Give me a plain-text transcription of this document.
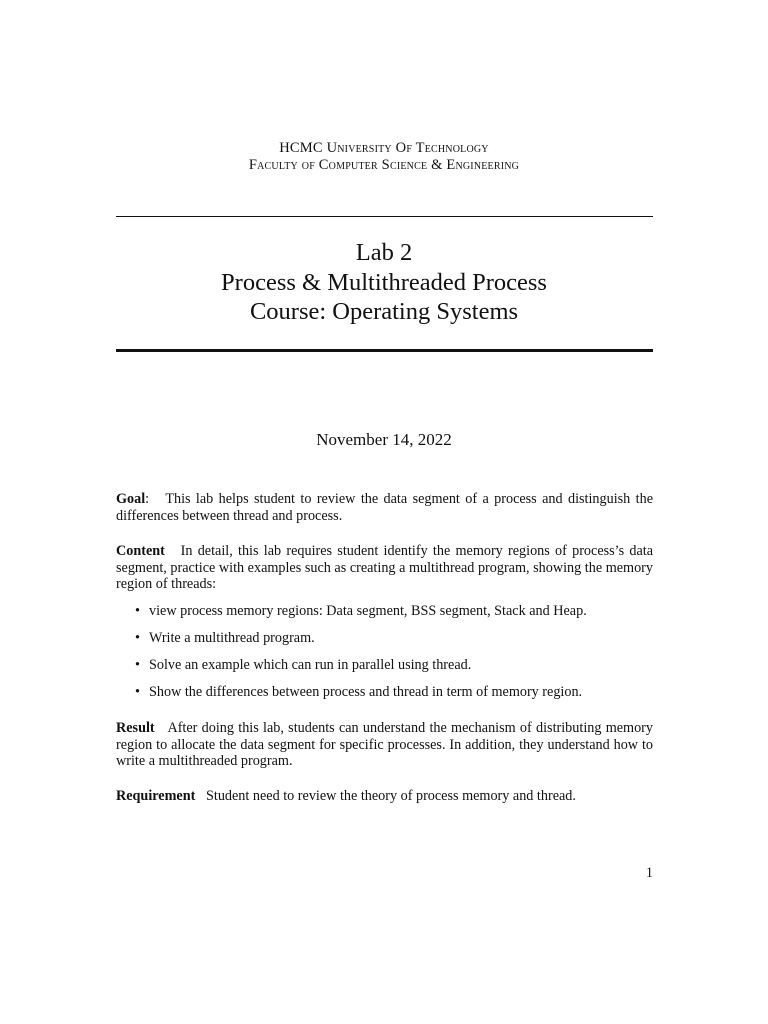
HCMC University Of Technology
Faculty of Computer Science & Engineering
Lab 2
Process & Multithreaded Process
Course: Operating Systems
November 14, 2022
Goal:   This lab helps student to review the data segment of a process and distinguish the differences between thread and process.
Content In detail, this lab requires student identify the memory regions of process’s data segment, practice with examples such as creating a multithread program, showing the memory region of threads:
• view process memory regions: Data segment, BSS segment, Stack and Heap.
• Write a multithread program.
• Solve an example which can run in parallel using thread.
• Show the differences between process and thread in term of memory region.
Result After doing this lab, students can understand the mechanism of distributing memory region to allocate the data segment for specific processes. In addition, they understand how to write a multithreaded program.
Requirement Student need to review the theory of process memory and thread.
1
